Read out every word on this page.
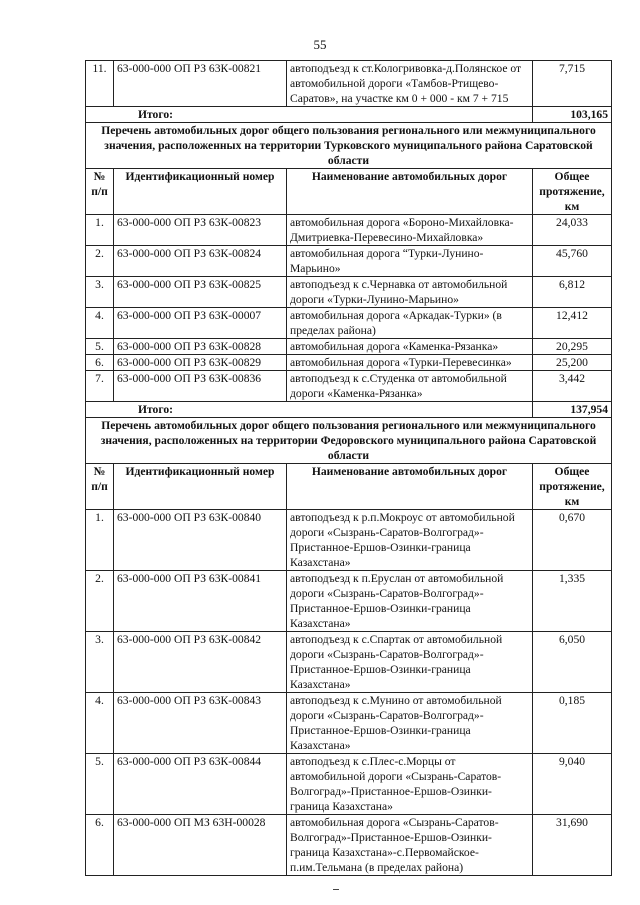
55
11.	63-000-000 ОП РЗ 63К-00821	автоподъезд к ст.Кологривовка-д.Полянское от автомобильной дороги «Тамбов-Ртищево-Саратов», на участке км 0 + 000 - км 7 + 715	7,715
Итого:			103,165
Перечень автомобильных дорог общего пользования регионального или межмуниципального значения, расположенных на территории Турковского муниципального района Саратовской области			
№ п/п	Идентификационный номер	Наименование автомобильных дорог	Общее протяжение, км
1.	63-000-000 ОП РЗ 63К-00823	автомобильная дорога «Бороно-Михайловка-Дмитриевка-Перевесино-Михайловка»	24,033
2.	63-000-000 ОП РЗ 63К-00824	автомобильная дорога “Турки-Лунино-Марьино»	45,760
3.	63-000-000 ОП РЗ 63К-00825	автоподъезд к с.Чернавка от автомобильной дороги «Турки-Лунино-Марьино»	6,812
4.	63-000-000 ОП РЗ 63К-00007	автомобильная дорога «Аркадак-Турки» (в пределах района)	12,412
5.	63-000-000 ОП РЗ 63К-00828	автомобильная дорога «Каменка-Рязанка»	20,295
6.	63-000-000 ОП РЗ 63К-00829	автомобильная дорога «Турки-Перевесинка»	25,200
7.	63-000-000 ОП РЗ 63К-00836	автоподъезд к с.Студенка от автомобильной дороги «Каменка-Рязанка»	3,442
Итого:			137,954
Перечень автомобильных дорог общего пользования регионального или межмуниципального значения, расположенных на территории Федоровского муниципального района Саратовской области			
№ п/п	Идентификационный номер	Наименование автомобильных дорог	Общее протяжение, км
1.	63-000-000 ОП РЗ 63К-00840	автоподъезд к р.п.Мокроус от автомобильной дороги «Сызрань-Саратов-Волгоград»-Пристанное-Ершов-Озинки-граница Казахстана»	0,670
2.	63-000-000 ОП РЗ 63К-00841	автоподъезд к п.Еруслан от автомобильной дороги «Сызрань-Саратов-Волгоград»-Пристанное-Ершов-Озинки-граница Казахстана»	1,335
3.	63-000-000 ОП РЗ 63К-00842	автоподъезд к с.Спартак от автомобильной дороги «Сызрань-Саратов-Волгоград»-Пристанное-Ершов-Озинки-граница Казахстана»	6,050
4.	63-000-000 ОП РЗ 63К-00843	автоподъезд к с.Мунино от автомобильной дороги «Сызрань-Саратов-Волгоград»-Пристанное-Ершов-Озинки-граница Казахстана»	0,185
5.	63-000-000 ОП РЗ 63К-00844	автоподъезд к с.Плес-с.Морцы от автомобильной дороги «Сызрань-Саратов-Волгоград»-Пристанное-Ершов-Озинки-граница Казахстана»	9,040
6.	63-000-000 ОП МЗ 63Н-00028	автомобильная дорога «Сызрань-Саратов-Волгоград»-Пристанное-Ершов-Озинки-граница Казахстана»-с.Первомайское-п.им.Тельмана (в пределах района)	31,690
